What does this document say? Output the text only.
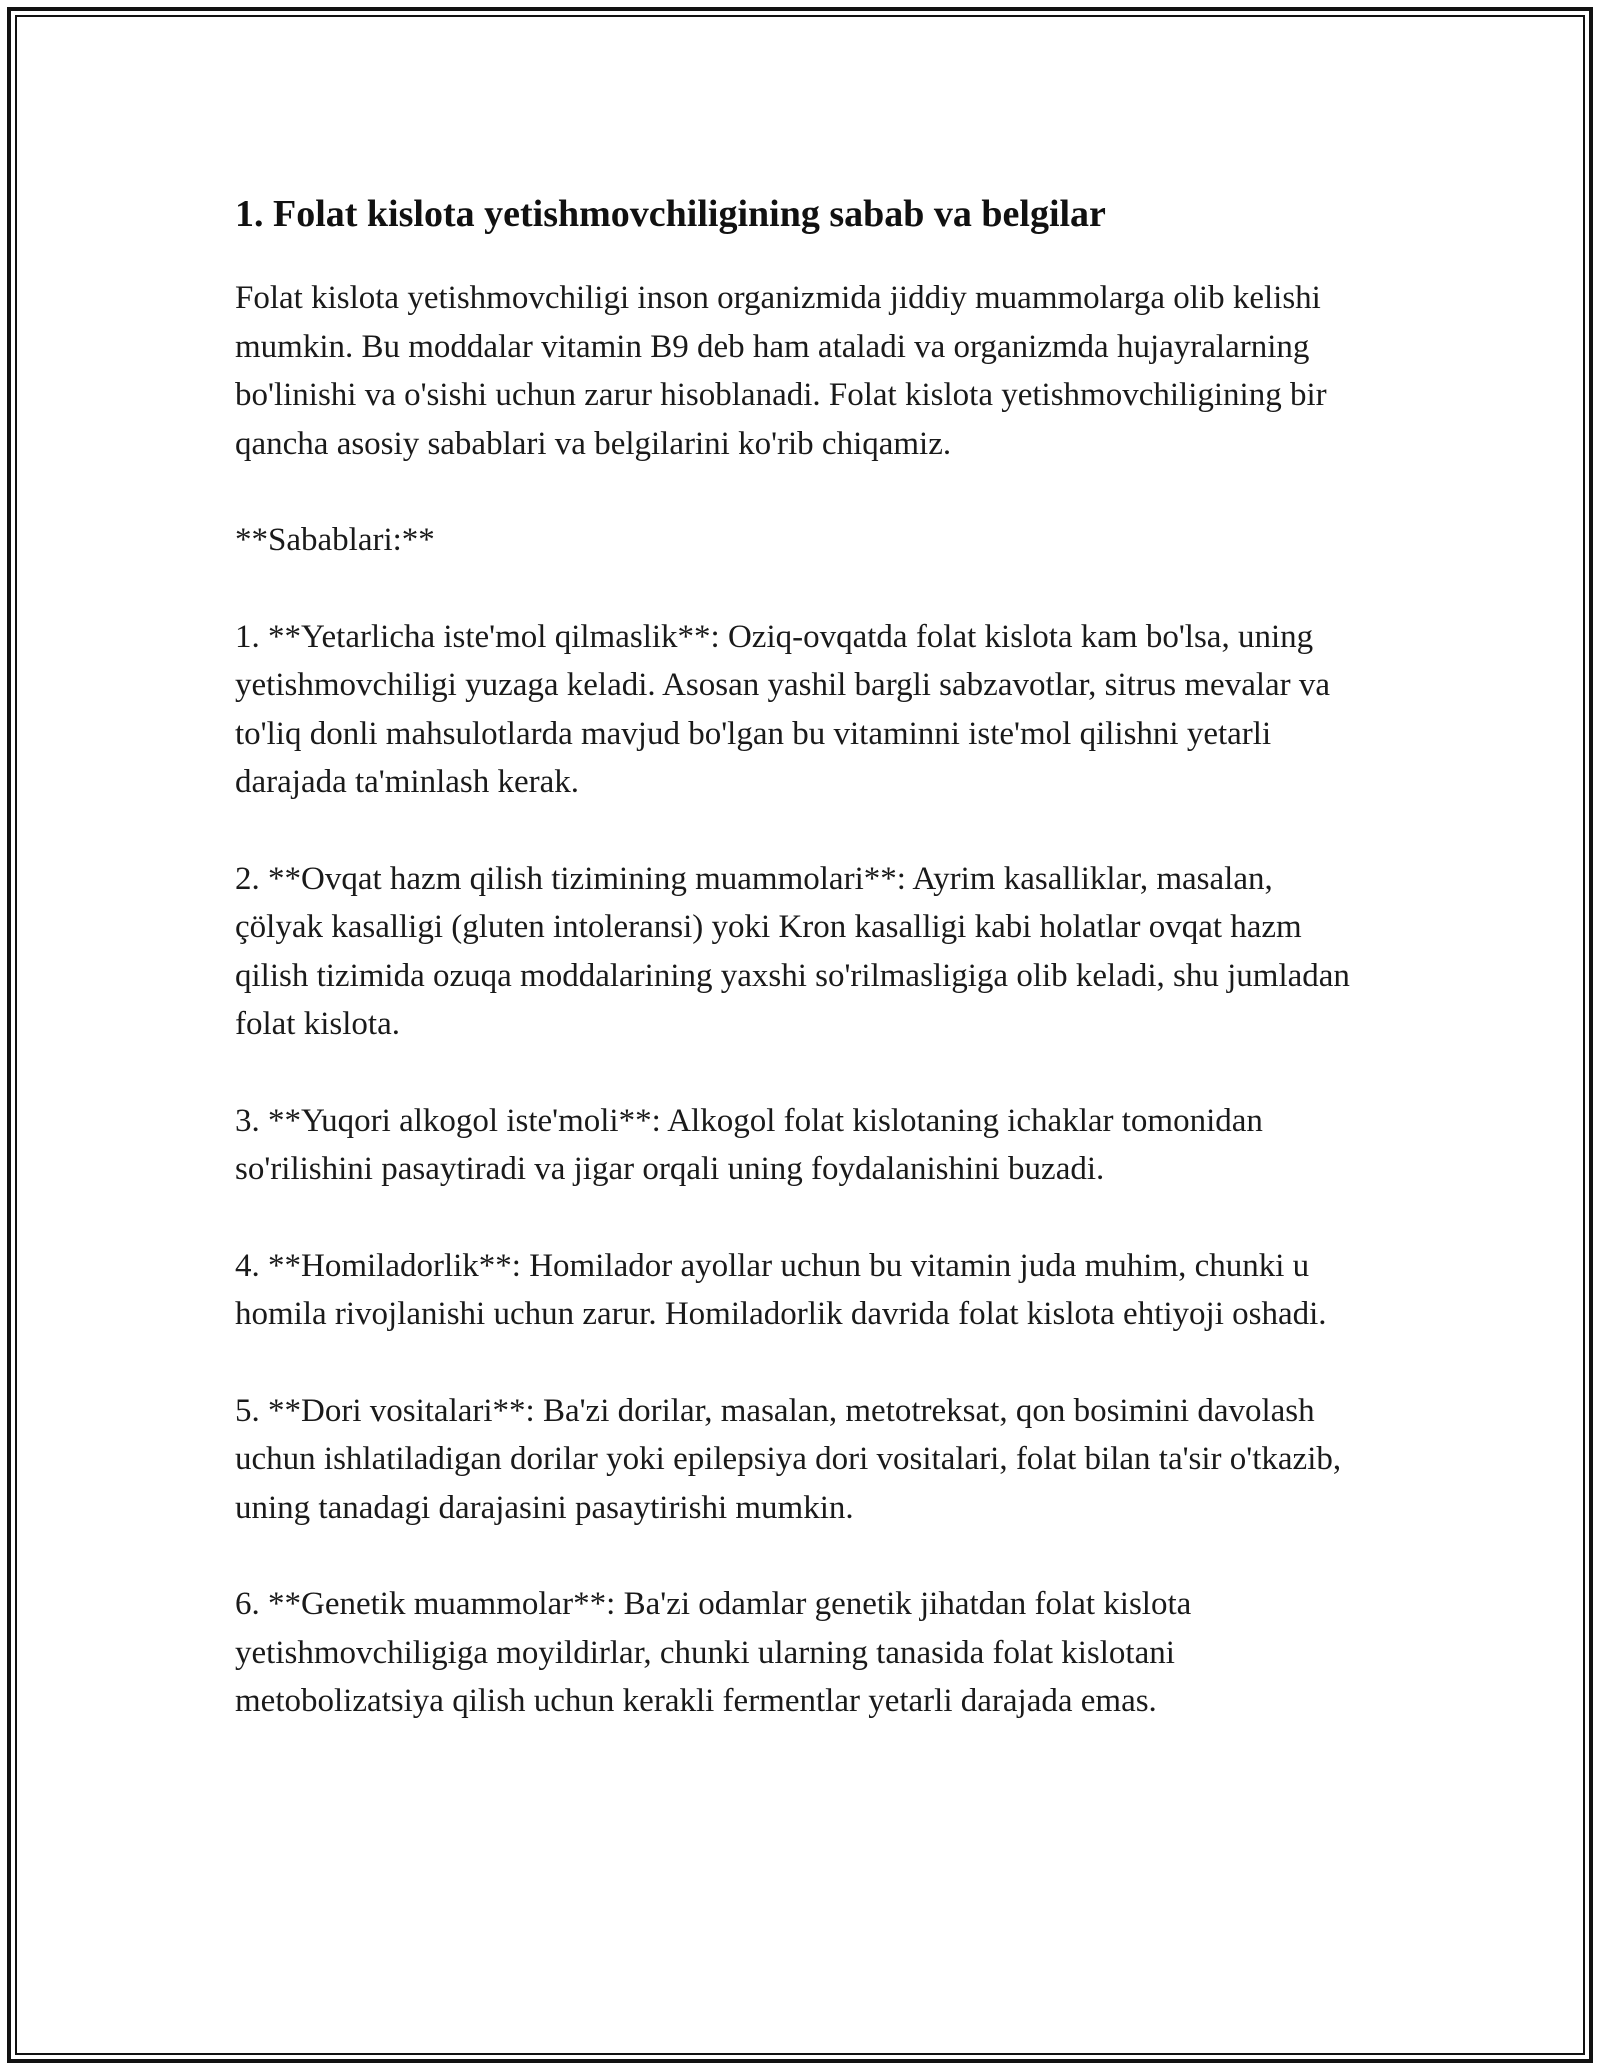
1. Folat kislota yetishmovchiligining sabab va belgilar

Folat kislota yetishmovchiligi inson organizmida jiddiy muammolarga olib kelishi mumkin. Bu moddalar vitamin B9 deb ham ataladi va organizmda hujayralarning bo'linishi va o'sishi uchun zarur hisoblanadi. Folat kislota yetishmovchiligining bir qancha asosiy sabablari va belgilarini ko'rib chiqamiz.

**Sabablari:**

1. **Yetarlicha iste'mol qilmaslik**: Oziq-ovqatda folat kislota kam bo'lsa, uning yetishmovchiligi yuzaga keladi. Asosan yashil bargli sabzavotlar, sitrus mevalar va to'liq donli mahsulotlarda mavjud bo'lgan bu vitaminni iste'mol qilishni yetarli darajada ta'minlash kerak.

2. **Ovqat hazm qilish tizimining muammolari**: Ayrim kasalliklar, masalan, çölyak kasalligi (gluten intoleransi) yoki Kron kasalligi kabi holatlar ovqat hazm qilish tizimida ozuqa moddalarining yaxshi so'rilmasligiga olib keladi, shu jumladan folat kislota.

3. **Yuqori alkogol iste'moli**: Alkogol folat kislotaning ichaklar tomonidan so'rilishini pasaytiradi va jigar orqali uning foydalanishini buzadi.

4. **Homiladorlik**: Homilador ayollar uchun bu vitamin juda muhim, chunki u homila rivojlanishi uchun zarur. Homiladorlik davrida folat kislota ehtiyoji oshadi.

5. **Dori vositalari**: Ba'zi dorilar, masalan, metotreksat, qon bosimini davolash uchun ishlatiladigan dorilar yoki epilepsiya dori vositalari, folat bilan ta'sir o'tkazib, uning tanadagi darajasini pasaytirishi mumkin.

6. **Genetik muammolar**: Ba'zi odamlar genetik jihatdan folat kislota yetishmovchiligiga moyildirlar, chunki ularning tanasida folat kislotani metobolizatsiya qilish uchun kerakli fermentlar yetarli darajada emas.
